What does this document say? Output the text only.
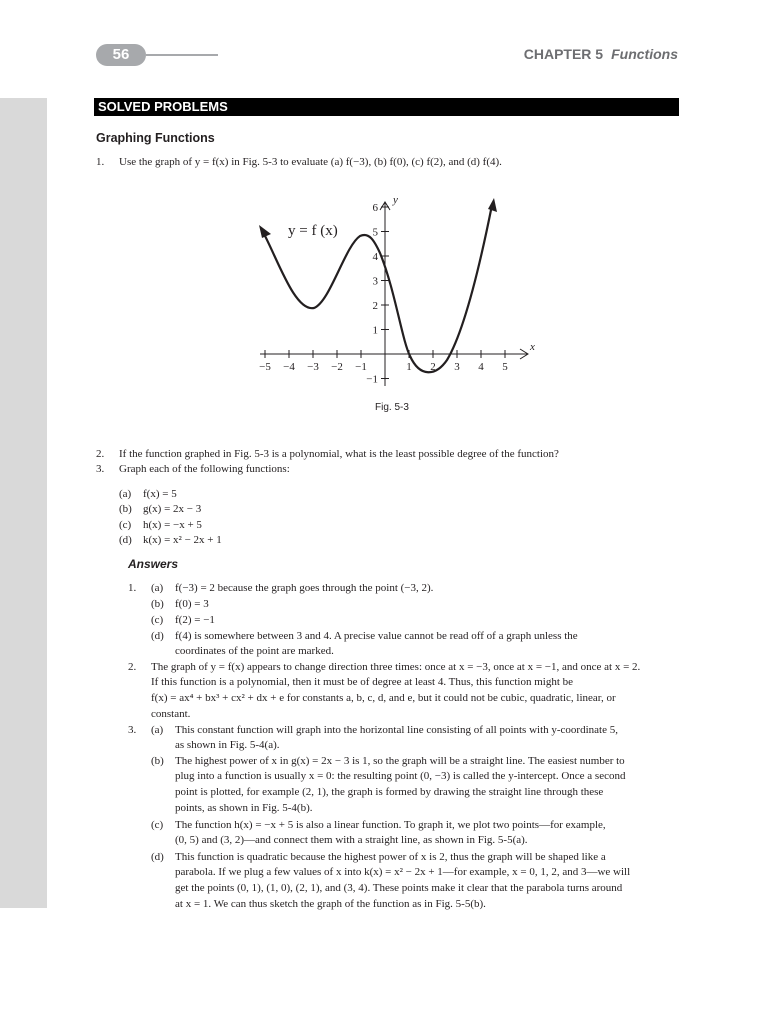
56	CHAPTER 5 Functions
SOLVED PROBLEMS
Graphing Functions
1. Use the graph of y = f(x) in Fig. 5-3 to evaluate (a) f(−3), (b) f(0), (c) f(2), and (d) f(4).
−5 −4 −3 −2 −1	1 2 3 4 5
6
5
4
3
2
1
−1
x
y
y = f (x)
Fig. 5-3
2. If the function graphed in Fig. 5-3 is a polynomial, what is the least possible degree of the function?
3. Graph each of the following functions:
(a) f(x) = 5
(b) g(x) = 2x − 3
(c) h(x) = −x + 5
(d) k(x) = x² − 2x + 1
Answers
1. (a) f(−3) = 2 because the graph goes through the point (−3, 2).
(b) f(0) = 3
(c) f(2) = −1
(d) f(4) is somewhere between 3 and 4. A precise value cannot be read off of a graph unless the
coordinates of the point are marked.
2. The graph of y = f(x) appears to change direction three times: once at x = −3, once at x = −1, and once at x = 2.
If this function is a polynomial, then it must be of degree at least 4. Thus, this function might be
f(x) = ax⁴ + bx³ + cx² + dx + e for constants a, b, c, d, and e, but it could not be cubic, quadratic, linear, or
constant.
3. (a) This constant function will graph into the horizontal line consisting of all points with y-coordinate 5,
as shown in Fig. 5-4(a).
(b) The highest power of x in g(x) = 2x − 3 is 1, so the graph will be a straight line. The easiest number to
plug into a function is usually x = 0: the resulting point (0, −3) is called the y-intercept. Once a second
point is plotted, for example (2, 1), the graph is formed by drawing the straight line through these
points, as shown in Fig. 5-4(b).
(c) The function h(x) = −x + 5 is also a linear function. To graph it, we plot two points—for example,
(0, 5) and (3, 2)—and connect them with a straight line, as shown in Fig. 5-5(a).
(d) This function is quadratic because the highest power of x is 2, thus the graph will be shaped like a
parabola. If we plug a few values of x into k(x) = x² − 2x + 1—for example, x = 0, 1, 2, and 3—we will
get the points (0, 1), (1, 0), (2, 1), and (3, 4). These points make it clear that the parabola turns around
at x = 1. We can thus sketch the graph of the function as in Fig. 5-5(b).
